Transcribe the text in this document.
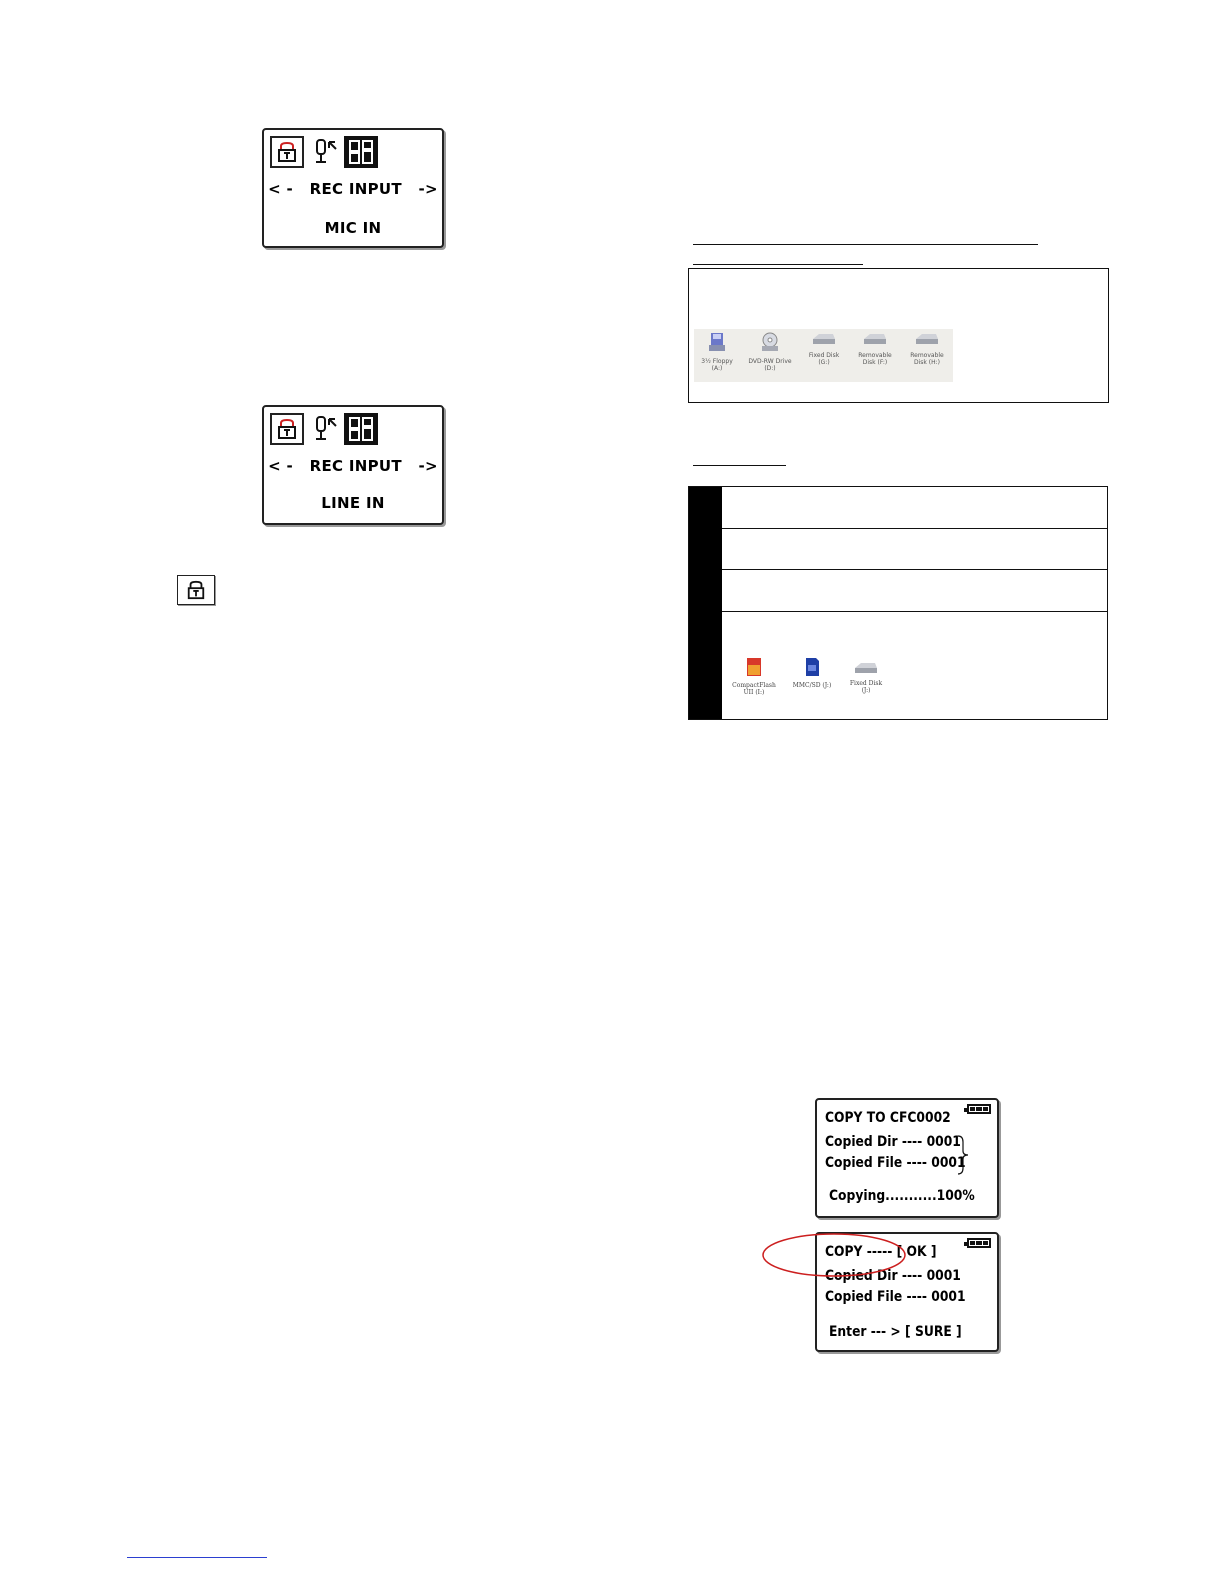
< -   REC INPUT   ->
MIC IN
< -   REC INPUT   ->
LINE IN
3½ Floppy
(A:)
DVD-RW Drive
(D:)
Fixed Disk
(G:)
Removable
Disk (F:)
Removable
Disk (H:)
CompactFlash
UII (I:)
MMC/SD (J:)	Fixed Disk
(J:)
COPY TO CFC0002
Copied Dir ---- 0001
Copied File ---- 0001
Copying...........100%
COPY ----- [ OK ]
Copied Dir ---- 0001
Copied File ---- 0001
Enter --- > [ SURE ]
